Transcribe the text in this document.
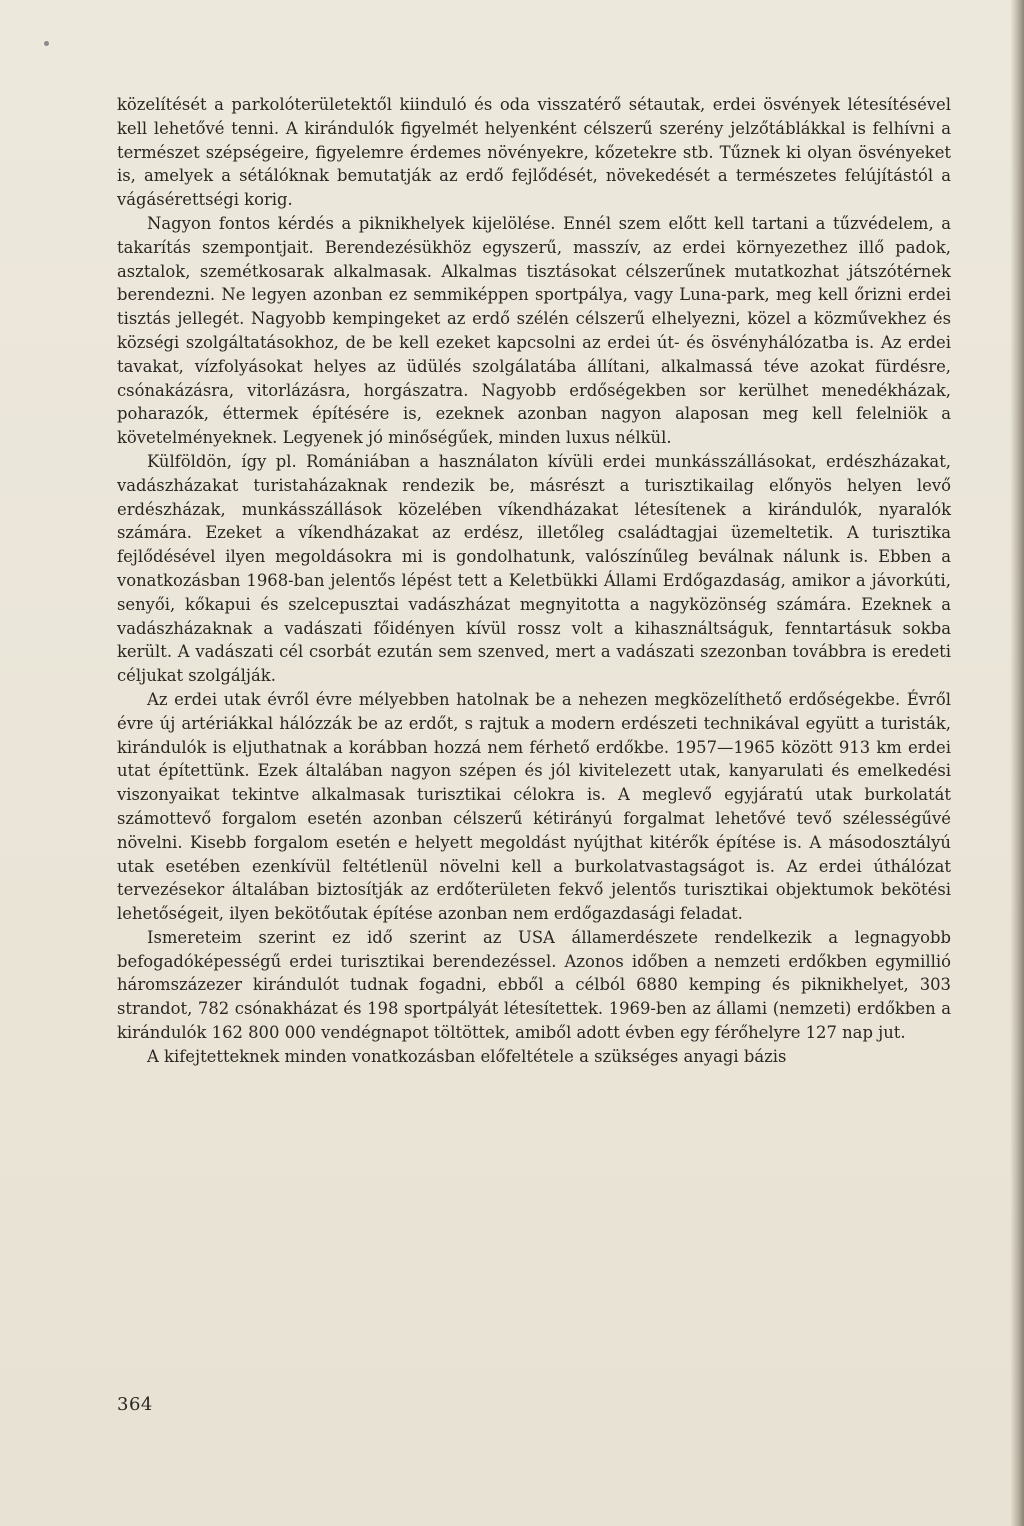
közelítését a parkolóterületektől kiinduló és oda visszatérő sétautak, erdei ösvények létesítésével kell lehetővé tenni. A kirándulók figyelmét helyenként célszerű szerény jelzőtáblákkal is felhívni a természet szépségeire, figyelemre érdemes növényekre, kőzetekre stb. Tűznek ki olyan ösvényeket is, amelyek a sétálóknak bemutatják az erdő fejlődését, növekedését a természetes felújítástól a vágásérettségi korig.

Nagyon fontos kérdés a piknikhelyek kijelölése. Ennél szem előtt kell tartani a tűzvédelem, a takarítás szempontjait. Berendezésükhöz egyszerű, masszív, az erdei környezethez illő padok, asztalok, szemétkosarak alkalmasak. Alkalmas tisztásokat célszerűnek mutatkozhat játszótérnek berendezni. Ne legyen azonban ez semmiképpen sportpálya, vagy Luna-park, meg kell őrizni erdei tisztás jellegét. Nagyobb kempingeket az erdő szélén célszerű elhelyezni, közel a közművekhez és községi szolgáltatásokhoz, de be kell ezeket kapcsolni az erdei út- és ösvényhálózatba is. Az erdei tavakat, vízfolyásokat helyes az üdülés szolgálatába állítani, alkalmassá téve azokat fürdésre, csónakázásra, vitorlázásra, horgászatra. Nagyobb erdőségekben sor kerülhet menedékházak, poharazók, éttermek építésére is, ezeknek azonban nagyon alaposan meg kell felelniök a követelményeknek. Legyenek jó minőségűek, minden luxus nélkül.

Külföldön, így pl. Romániában a használaton kívüli erdei munkásszállásokat, erdészházakat, vadászházakat turistaházaknak rendezik be, másrészt a turisztikailag előnyös helyen levő erdészházak, munkásszállások közelében víkendházakat létesítenek a kirándulók, nyaralók számára. Ezeket a víkendházakat az erdész, illetőleg családtagjai üzemeltetik. A turisztika fejlődésével ilyen megoldásokra mi is gondolhatunk, valószínűleg beválnak nálunk is. Ebben a vonatkozásban 1968-ban jelentős lépést tett a Keletbükki Állami Erdőgazdaság, amikor a jávorkúti, senyői, kőkapui és szelcepusztai vadászházat megnyitotta a nagyközönség számára. Ezeknek a vadászházaknak a vadászati főidényen kívül rossz volt a kihasználtságuk, fenntartásuk sokba került. A vadászati cél csorbát ezután sem szenved, mert a vadászati szezonban továbbra is eredeti céljukat szolgálják.

Az erdei utak évről évre mélyebben hatolnak be a nehezen megközelíthető erdőségekbe. Évről évre új artériákkal hálózzák be az erdőt, s rajtuk a modern erdészeti technikával együtt a turisták, kirándulók is eljuthatnak a korábban hozzá nem férhető erdőkbe. 1957—1965 között 913 km erdei utat építettünk. Ezek általában nagyon szépen és jól kivitelezett utak, kanyarulati és emelkedési viszonyaikat tekintve alkalmasak turisztikai célokra is. A meglevő egyjáratú utak burkolatát számottevő forgalom esetén azonban célszerű kétirányú forgalmat lehetővé tevő szélességűvé növelni. Kisebb forgalom esetén e helyett megoldást nyújthat kitérők építése is. A másodosztályú utak esetében ezenkívül feltétlenül növelni kell a burkolatvastagságot is. Az erdei úthálózat tervezésekor általában biztosítják az erdőterületen fekvő jelentős turisztikai objektumok bekötési lehetőségeit, ilyen bekötőutak építése azonban nem erdőgazdasági feladat.

Ismereteim szerint ez idő szerint az USA államerdészete rendelkezik a legnagyobb befogadóképességű erdei turisztikai berendezéssel. Azonos időben a nemzeti erdőkben egymillió háromszázezer kirándulót tudnak fogadni, ebből a célból 6880 kemping és piknikhelyet, 303 strandot, 782 csónakházat és 198 sportpályát létesítettek. 1969-ben az állami (nemzeti) erdőkben a kirándulók 162 800 000 vendégnapot töltöttek, amiből adott évben egy férőhelyre 127 nap jut.

A kifejtetteknek minden vonatkozásban előfeltétele a szükséges anyagi bázis

364
